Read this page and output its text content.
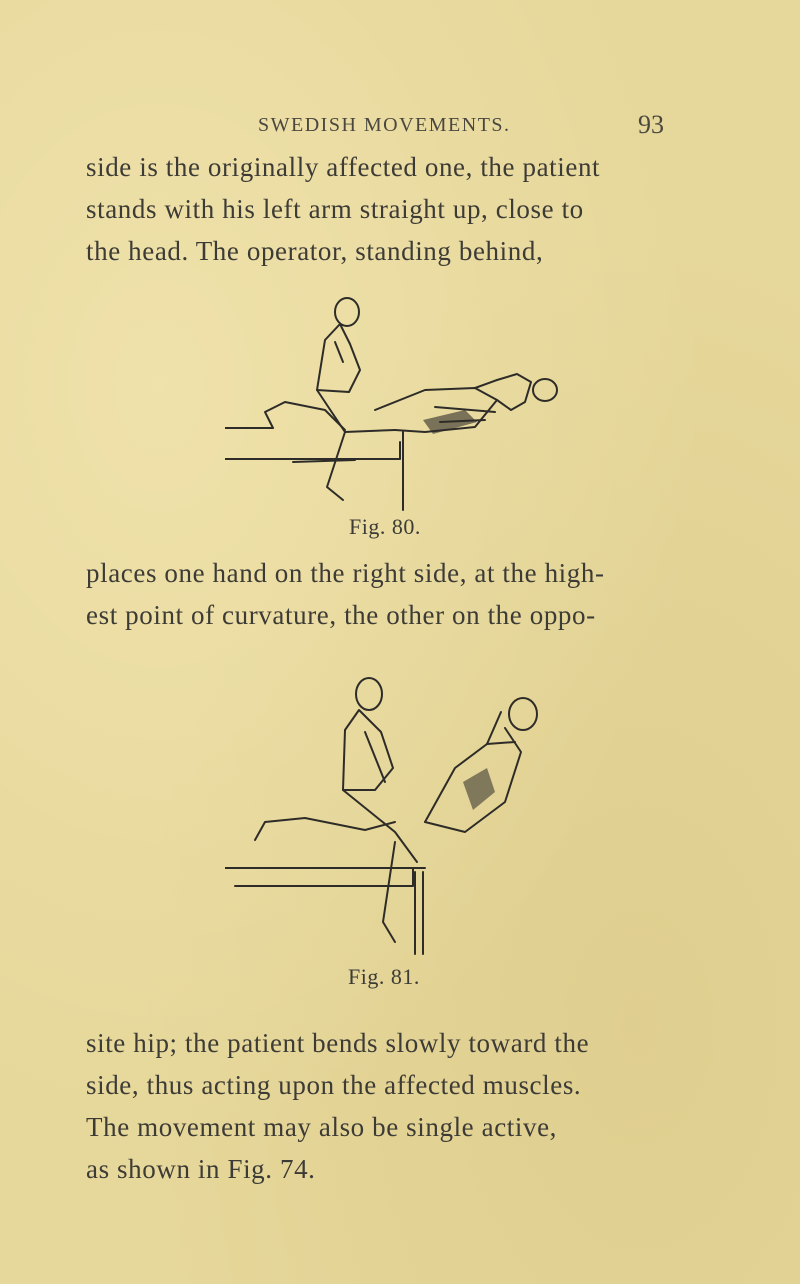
SWEDISH MOVEMENTS.	93
side is the originally affected one, the patient
stands with his left arm straight up, close to
the head. The operator, standing behind,
Fig. 80.
places one hand on the right side, at the high-
est point of curvature, the other on the oppo-
Fig. 81.
site hip; the patient bends slowly toward the
side, thus acting upon the affected muscles.
The movement may also be single active,
as shown in Fig. 74.
